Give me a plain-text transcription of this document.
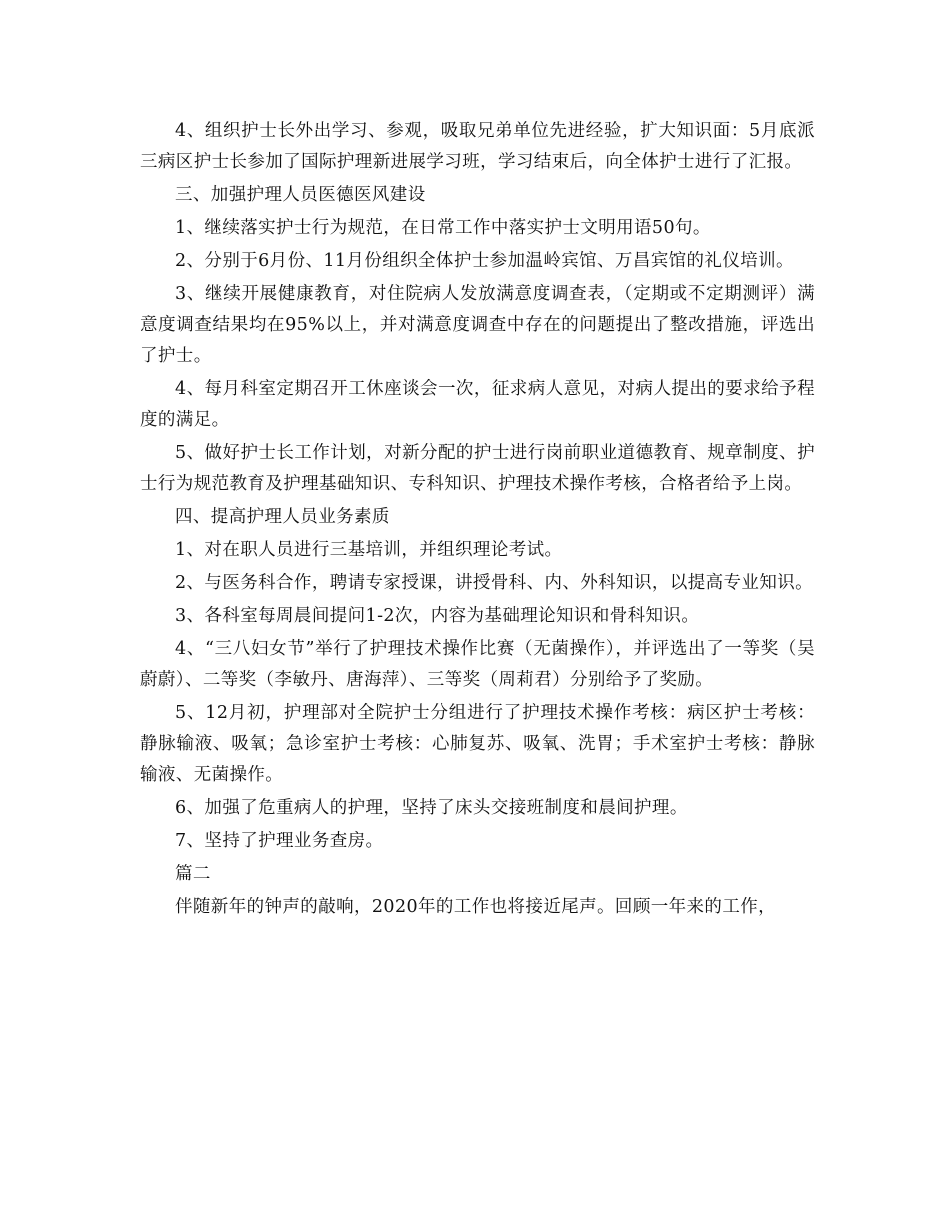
4、组织护士长外出学习、参观，吸取兄弟单位先进经验，扩大知识面：5月底派三病区护士长参加了国际护理新进展学习班，学习结束后，向全体护士进行了汇报。

三、加强护理人员医德医风建设

1、继续落实护士行为规范，在日常工作中落实护士文明用语50句。

2、分别于6月份、11月份组织全体护士参加温岭宾馆、万昌宾馆的礼仪培训。

3、继续开展健康教育，对住院病人发放满意度调查表，（定期或不定期测评）满意度调查结果均在95%以上，并对满意度调查中存在的问题提出了整改措施，评选出了护士。

4、每月科室定期召开工休座谈会一次，征求病人意见，对病人提出的要求给予程度的满足。

5、做好护士长工作计划，对新分配的护士进行岗前职业道德教育、规章制度、护士行为规范教育及护理基础知识、专科知识、护理技术操作考核，合格者给予上岗。

四、提高护理人员业务素质

1、对在职人员进行三基培训，并组织理论考试。

2、与医务科合作，聘请专家授课，讲授骨科、内、外科知识，以提高专业知识。

3、各科室每周晨间提问1-2次，内容为基础理论知识和骨科知识。

4、“三八妇女节”举行了护理技术操作比赛（无菌操作），并评选出了一等奖（吴蔚蔚）、二等奖（李敏丹、唐海萍）、三等奖（周莉君）分别给予了奖励。

5、12月初，护理部对全院护士分组进行了护理技术操作考核：病区护士考核：静脉输液、吸氧；急诊室护士考核：心肺复苏、吸氧、洗胃；手术室护士考核：静脉输液、无菌操作。

6、加强了危重病人的护理，坚持了床头交接班制度和晨间护理。

7、坚持了护理业务查房。

篇二

伴随新年的钟声的敲响，2020年的工作也将接近尾声。回顾一年来的工作，
